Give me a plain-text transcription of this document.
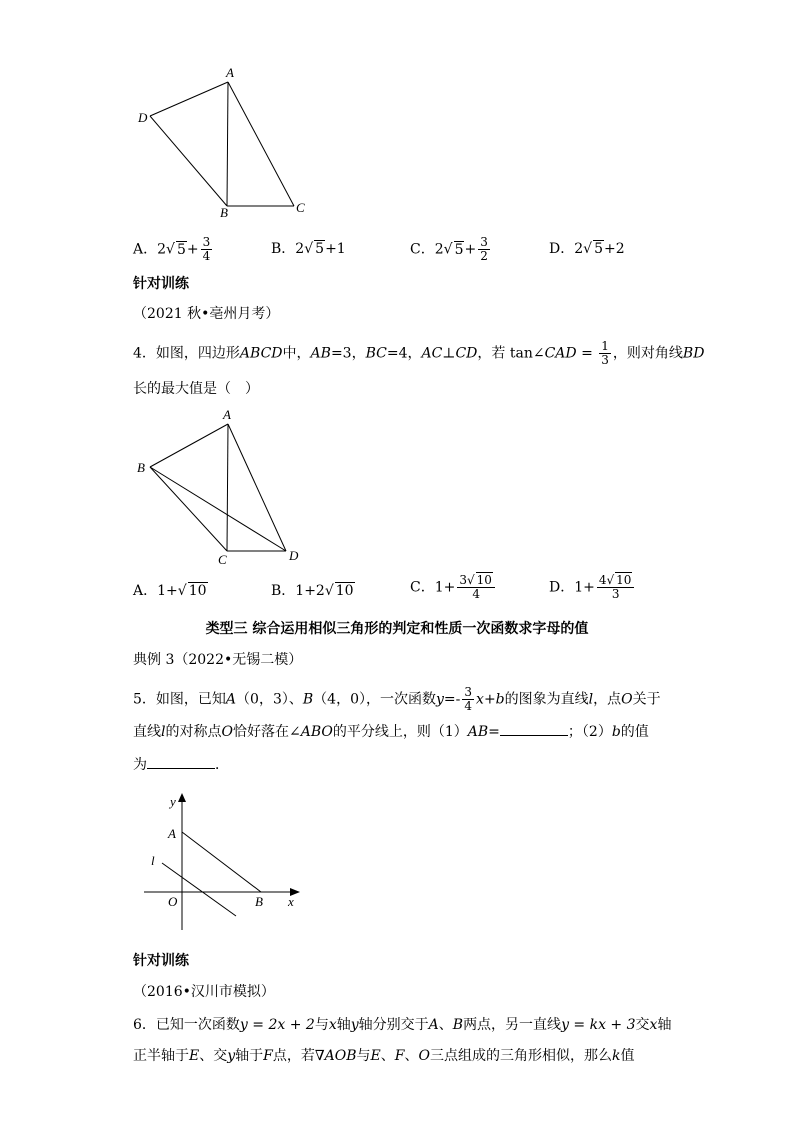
A
D
B	C
A．2√ $5+ \frac{3}{4}$	B．2√ 5+1	C．2√ $5+ \frac{3}{2}$	D．2√ 5+2
针对训练
（2021 秋•亳州月考）
4．如图，四边形ABCD中，AB=3，BC=4，AC⊥CD，若 tan∠CAD = $\frac{1}{3}$ ，则对角线BD
长的最大值是（　）
A
B
C	D
A．1+√ 10	B．1+2√ 10	C．$1+ \frac{3√ 10}{4}$	D．$1+ \frac{4√ 10}{3}$
类型三 综合运用相似三角形的判定和性质一次函数求字母的值
典例 3（2022•无锡二模）
5．如图，已知A（0，3）、B（4，0），一次函数$y=- \frac{3}{4} x+b$的图象为直线l，点O关于
直线l的对称点O恰好落在∠ABO的平分线上，则（1）AB=	；（2）b的值
为	．
y
A
l
O	B x
针对训练
（2016•汉川市模拟）
6．已知一次函数y = 2x + 2与x轴y轴分别交于A、B两点，另一直线y = kx + 3交x轴
正半轴于E、交y轴于F点，若∇AOB与E、F、O三点组成的三角形相似，那么k值
